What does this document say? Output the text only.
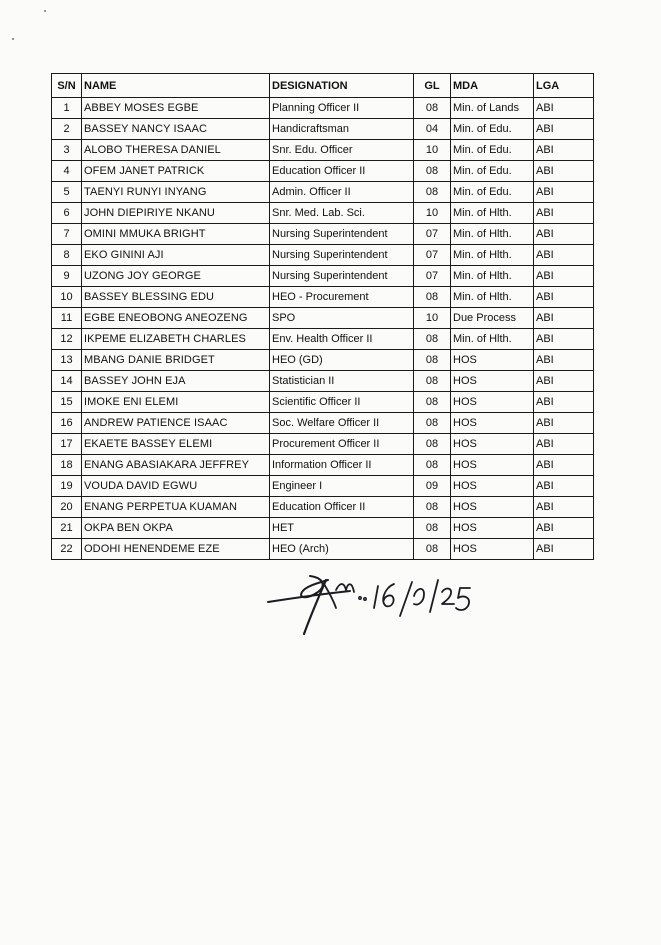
S/N	NAME	DESIGNATION	GL	MDA	LGA
1	ABBEY MOSES EGBE	Planning Officer II	08	Min. of Lands	ABI
2	BASSEY NANCY ISAAC	Handicraftsman	04	Min. of Edu.	ABI
3	ALOBO THERESA DANIEL	Snr. Edu. Officer	10	Min. of Edu.	ABI
4	OFEM JANET PATRICK	Education Officer II	08	Min. of Edu.	ABI
5	TAENYI RUNYI INYANG	Admin. Officer II	08	Min. of Edu.	ABI
6	JOHN DIEPIRIYE NKANU	Snr. Med. Lab. Sci.	10	Min. of Hlth.	ABI
7	OMINI MMUKA BRIGHT	Nursing Superintendent	07	Min. of Hlth.	ABI
8	EKO GININI AJI	Nursing Superintendent	07	Min. of Hlth.	ABI
9	UZONG JOY GEORGE	Nursing Superintendent	07	Min. of Hlth.	ABI
10	BASSEY BLESSING EDU	HEO - Procurement	08	Min. of Hlth.	ABI
11	EGBE ENEOBONG ANEOZENG	SPO	10	Due Process	ABI
12	IKPEME ELIZABETH CHARLES	Env. Health Officer II	08	Min. of Hlth.	ABI
13	MBANG DANIE BRIDGET	HEO (GD)	08	HOS	ABI
14	BASSEY JOHN EJA	Statistician II	08	HOS	ABI
15	IMOKE ENI ELEMI	Scientific Officer II	08	HOS	ABI
16	ANDREW PATIENCE ISAAC	Soc. Welfare Officer II	08	HOS	ABI
17	EKAETE BASSEY ELEMI	Procurement Officer II	08	HOS	ABI
18	ENANG ABASIAKARA JEFFREY	Information Officer II	08	HOS	ABI
19	VOUDA DAVID EGWU	Engineer I	09	HOS	ABI
20	ENANG PERPETUA KUAMAN	Education Officer II	08	HOS	ABI
21	OKPA BEN OKPA	HET	08	HOS	ABI
22	ODOHI HENENDEME EZE	HEO (Arch)	08	HOS	ABI
